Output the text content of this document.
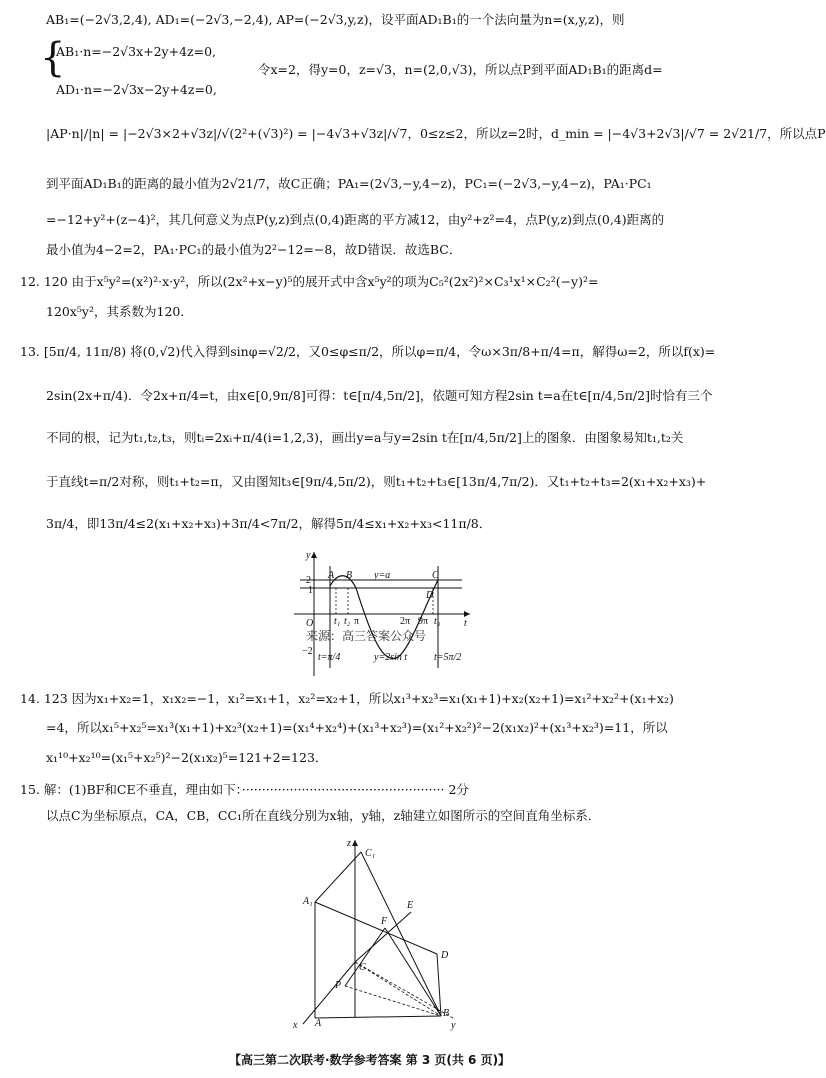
AB₁=(−2√3,2,4), AD₁=(−2√3,−2,4), AP=(−2√3,y,z)，设平面AD₁B₁的一个法向量为n=(x,y,z)，则
{
AB₁·n=−2√3x+2y+4z=0,
令x=2，得y=0，z=√3，n=(2,0,√3)，所以点P到平面AD₁B₁的距离d=
AD₁·n=−2√3x−2y+4z=0,
|AP·n|/|n| = |−2√3×2+√3z|/√(2²+(√3)²) = |−4√3+√3z|/√7，0≤z≤2，所以z=2时，d_min = |−4√3+2√3|/√7 = 2√21/7，所以点P
到平面AD₁B₁的距离的最小值为2√21/7，故C正确；PA₁=(2√3,−y,4−z)，PC₁=(−2√3,−y,4−z)，PA₁·PC₁
=−12+y²+(z−4)²，其几何意义为点P(y,z)到点(0,4)距离的平方减12，由y²+z²=4，点P(y,z)到点(0,4)距离的
最小值为4−2=2，PA₁·PC₁的最小值为2²−12=−8，故D错误．故选BC．
12. 120 由于x⁵y²=(x²)²·x·y²，所以(2x²+x−y)⁵的展开式中含x⁵y²的项为C₅²(2x²)²×C₃¹x¹×C₂²(−y)²=
120x⁵y²，其系数为120．
13. [5π/4, 11π/8) 将(0,√2)代入得到sinφ=√2/2，又0≤φ≤π/2，所以φ=π/4，令ω×3π/8+π/4=π，解得ω=2，所以f(x)=
2sin(2x+π/4)．令2x+π/4=t，由x∈[0,9π/8]可得：t∈[π/4,5π/2]，依题可知方程2sin t=a在t∈[π/4,5π/2]时恰有三个
不同的根，记为t₁,t₂,t₃，则tᵢ=2xᵢ+π/4(i=1,2,3)，画出y=a与y=2sin t在[π/4,5π/2]上的图象．由图象易知t₁,t₂关
于直线t=π/2对称，则t₁+t₂=π，又由图知t₃∈[9π/4,5π/2)，则t₁+t₂+t₃∈[13π/4,7π/2)．又t₁+t₂+t₃=2(x₁+x₂+x₃)+
3π/4，即13π/4≤2(x₁+x₂+x₃)+3π/4<7π/2，解得5π/4≤x₁+x₂+x₃<11π/8．
y
2
1
O
−2
t
A B	C
D
y=a
t₁ t₂ π	2π 9π t₃
来源：高三答案公众号
t=π/4	y=2sin t	t=5π/2
14. 123 因为x₁+x₂=1，x₁x₂=−1，x₁²=x₁+1，x₂²=x₂+1，所以x₁³+x₂³=x₁(x₁+1)+x₂(x₂+1)=x₁²+x₂²+(x₁+x₂)
=4，所以x₁⁵+x₂⁵=x₁³(x₁+1)+x₂³(x₂+1)=(x₁⁴+x₂⁴)+(x₁³+x₂³)=(x₁²+x₂²)²−2(x₁x₂)²+(x₁³+x₂³)=11，所以
x₁¹⁰+x₂¹⁰=(x₁⁵+x₂⁵)²−2(x₁x₂)⁵=121+2=123．
15. 解：(1)BF和CE不垂直，理由如下：··················································· 2分
以点C为坐标原点，CA，CB，CC₁所在直线分别为x轴，y轴，z轴建立如图所示的空间直角坐标系．
z
C₁
A₁	E
F
D
C
P
B
A
x	y
【高三第二次联考·数学参考答案 第 3 页(共 6 页)】
